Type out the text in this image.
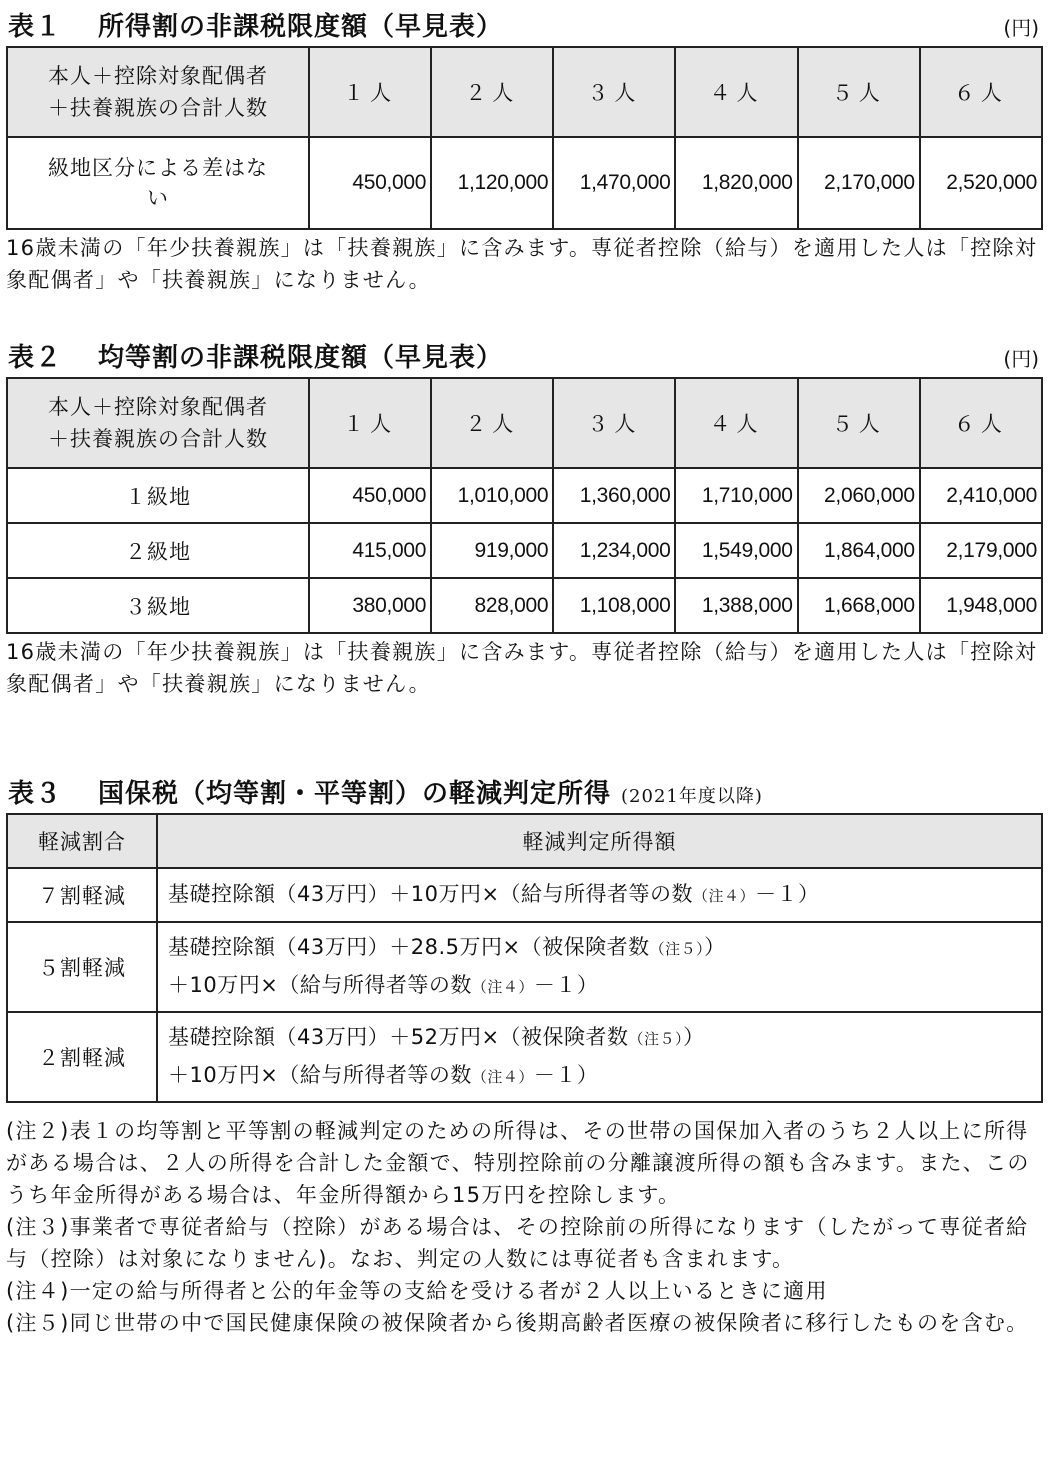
表１ 所得割の非課税限度額（早見表）	(円)
本人＋控除対象配偶者
＋扶養親族の合計人数	１人	２人	３人	４人	５人	６人

級地区分による差はな
い	450,000	1,120,000	1,470,000	1,820,000	2,170,000	2,520,000
16歳未満の「年少扶養親族」は「扶養親族」に含みます。専従者控除（給与）を適用した人は「控除対象配偶者」や「扶養親族」になりません。
表２ 均等割の非課税限度額（早見表）	(円)
本人＋控除対象配偶者
＋扶養親族の合計人数	１人	２人	３人	４人	５人	６人
１級地	450,000	1,010,000	1,360,000	1,710,000	2,060,000	2,410,000
２級地	415,000	919,000	1,234,000	1,549,000	1,864,000	2,179,000
３級地	380,000	828,000	1,108,000	1,388,000	1,668,000	1,948,000
16歳未満の「年少扶養親族」は「扶養親族」に含みます。専従者控除（給与）を適用した人は「控除対象配偶者」や「扶養親族」になりません。
表３ 国保税（均等割・平等割）の軽減判定所得 (2021年度以降)
軽減割合	軽減判定所得額
７割軽減	基礎控除額（43万円）＋10万円×（給与所得者等の数（注４）－１）

５割軽減	基礎控除額（43万円）＋28.5万円×（被保険者数（注５））
＋10万円×（給与所得者等の数（注４）－１）

２割軽減	基礎控除額（43万円）＋52万円×（被保険者数（注５））
＋10万円×（給与所得者等の数（注４）－１）

(注２)表１の均等割と平等割の軽減判定のための所得は、その世帯の国保加入者のうち２人以上に所得がある場合は、２人の所得を合計した金額で、特別控除前の分離譲渡所得の額も含みます。また、このうち年金所得がある場合は、年金所得額から15万円を控除します。

(注３)事業者で専従者給与（控除）がある場合は、その控除前の所得になります（したがって専従者給与（控除）は対象になりません)。なお、判定の人数には専従者も含まれます。

(注４)一定の給与所得者と公的年金等の支給を受ける者が２人以上いるときに適用

(注５)同じ世帯の中で国民健康保険の被保険者から後期高齢者医療の被保険者に移行したものを含む。
